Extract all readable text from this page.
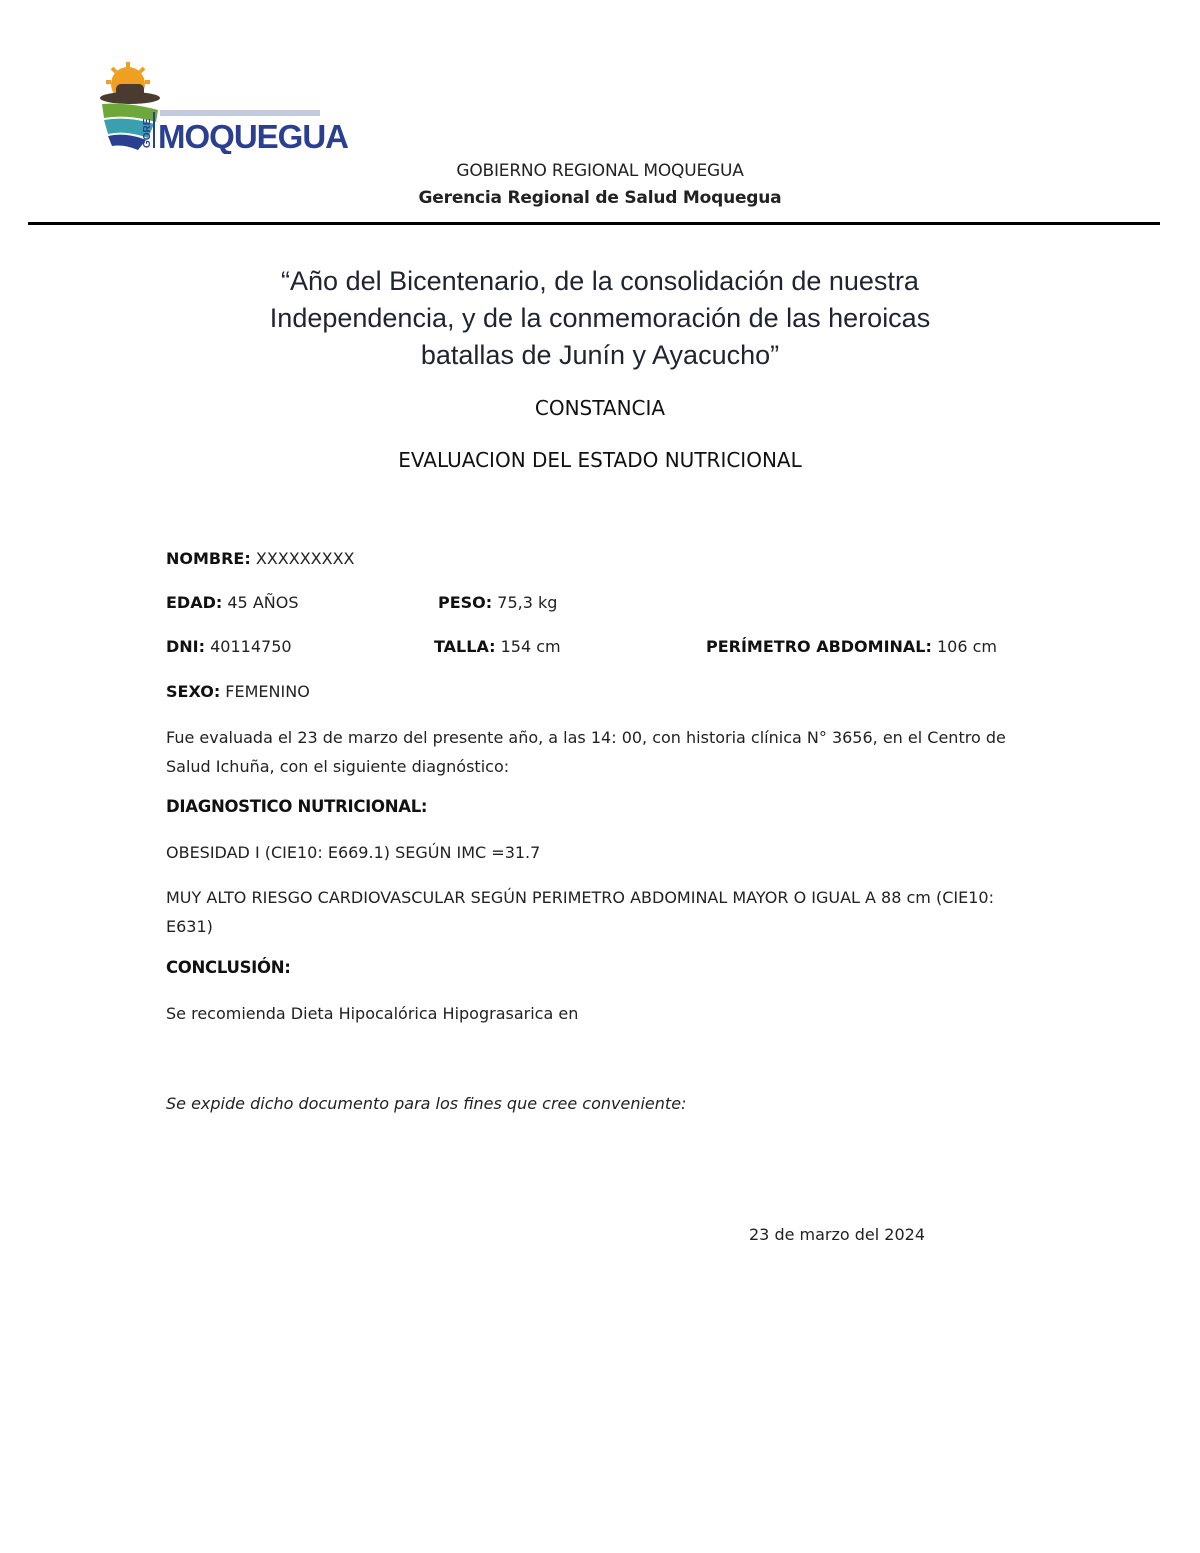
GORE MOQUEGUA
GOBIERNO REGIONAL MOQUEGUA
Gerencia Regional de Salud Moquegua
“Año del Bicentenario, de la consolidación de nuestra
Independencia, y de la conmemoración de las heroicas
batallas de Junín y Ayacucho”
CONSTANCIA
EVALUACION DEL ESTADO NUTRICIONAL
NOMBRE: XXXXXXXXX
EDAD: 45 AÑOS	PESO: 75,3 kg
DNI: 40114750	TALLA: 154 cm	PERÍMETRO ABDOMINAL: 106 cm
SEXO: FEMENINO
Fue evaluada el 23 de marzo del presente año, a las 14: 00, con historia clínica N° 3656, en el Centro de Salud Ichuña, con el siguiente diagnóstico:
DIAGNOSTICO NUTRICIONAL:
OBESIDAD I (CIE10: E669.1) SEGÚN IMC =31.7
MUY ALTO RIESGO CARDIOVASCULAR SEGÚN PERIMETRO ABDOMINAL MAYOR O IGUAL A 88 cm (CIE10: E631)
CONCLUSIÓN:
Se recomienda Dieta Hipocalórica Hipograsarica en
Se expide dicho documento para los fines que cree conveniente:
23 de marzo del 2024
